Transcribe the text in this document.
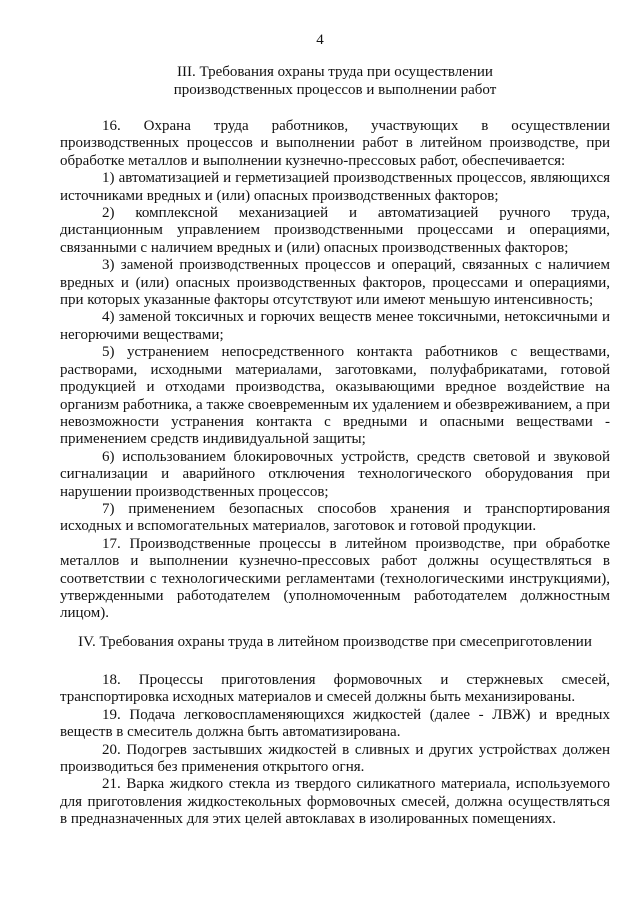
4
III. Требования охраны труда при осуществлении
производственных процессов и выполнении работ

16. Охрана труда работников, участвующих в осуществлении производственных процессов и выполнении работ в литейном производстве, при обработке металлов и выполнении кузнечно-прессовых работ, обеспечивается:

1) автоматизацией и герметизацией производственных процессов, являющихся источниками вредных и (или) опасных производственных факторов;

2) комплексной механизацией и автоматизацией ручного труда, дистанционным управлением производственными процессами и операциями, связанными с наличием вредных и (или) опасных производственных факторов;

3) заменой производственных процессов и операций, связанных с наличием вредных и (или) опасных производственных факторов, процессами и операциями, при которых указанные факторы отсутствуют или имеют меньшую интенсивность;

4) заменой токсичных и горючих веществ менее токсичными, нетоксичными и негорючими веществами;

5) устранением непосредственного контакта работников с веществами, растворами, исходными материалами, заготовками, полуфабрикатами, готовой продукцией и отходами производства, оказывающими вредное воздействие на организм работника, а также своевременным их удалением и обезвреживанием, а при невозможности устранения контакта с вредными и опасными веществами - применением средств индивидуальной защиты;

6) использованием блокировочных устройств, средств световой и звуковой сигнализации и аварийного отключения технологического оборудования при нарушении производственных процессов;

7) применением безопасных способов хранения и транспортирования исходных и вспомогательных материалов, заготовок и готовой продукции.

17. Производственные процессы в литейном производстве, при обработке металлов и выполнении кузнечно-прессовых работ должны осуществляться в соответствии с технологическими регламентами (технологическими инструкциями), утвержденными работодателем (уполномоченным работодателем должностным лицом).

IV. Требования охраны труда в литейном производстве при смесеприготовлении

18. Процессы приготовления формовочных и стержневых смесей, транспортировка исходных материалов и смесей должны быть механизированы.

19. Подача легковоспламеняющихся жидкостей (далее - ЛВЖ) и вредных веществ в смеситель должна быть автоматизирована.

20. Подогрев застывших жидкостей в сливных и других устройствах должен производиться без применения открытого огня.

21. Варка жидкого стекла из твердого силикатного материала, используемого для приготовления жидкостекольных формовочных смесей, должна осуществляться в предназначенных для этих целей автоклавах в изолированных помещениях.
